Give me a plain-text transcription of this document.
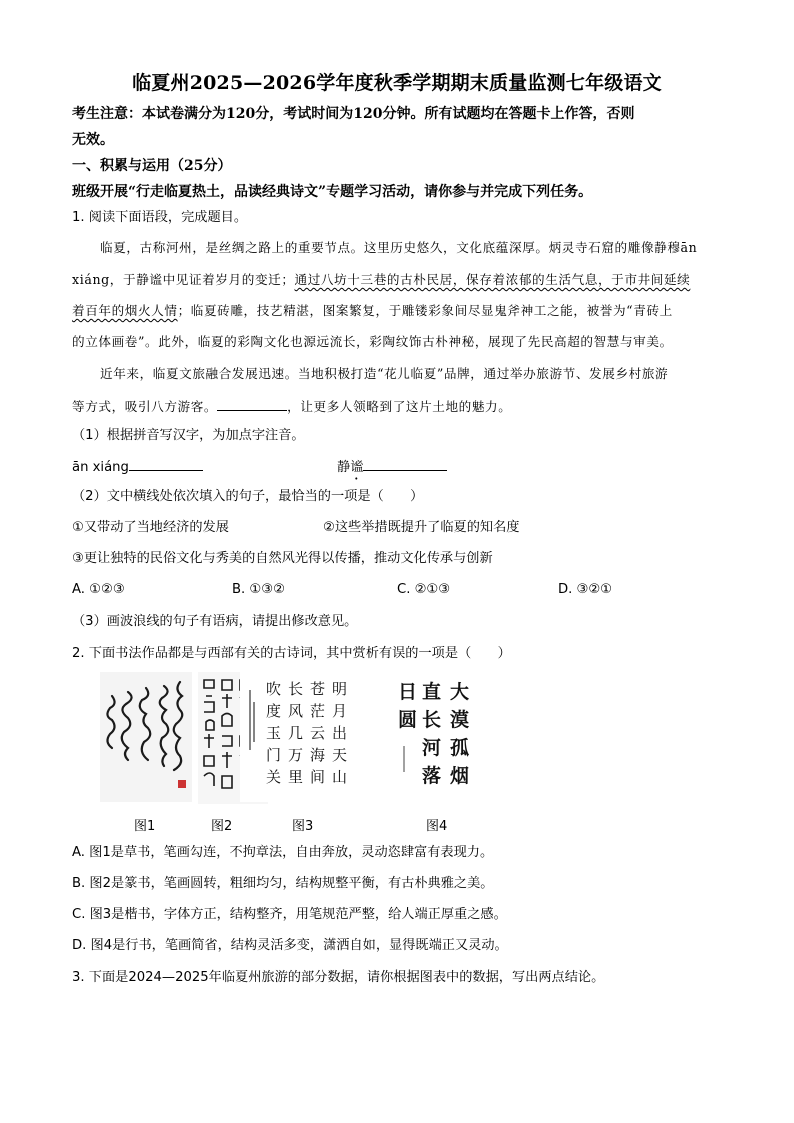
临夏州2025—2026学年度秋季学期期末质量监测七年级语文
考生注意：本试卷满分为120分，考试时间为120分钟。所有试题均在答题卡上作答，否则
无效。
一、积累与运用（25分）
班级开展“行走临夏热土，品读经典诗文”专题学习活动，请你参与并完成下列任务。
1. 阅读下面语段，完成题目。
临夏，古称河州，是丝绸之路上的重要节点。这里历史悠久，文化底蕴深厚。炳灵寺石窟的雕像静穆ān
xiáng，于静谧中见证着岁月的变迁；通过八坊十三巷的古朴民居，保存着浓郁的生活气息，于市井间延续
着百年的烟火人情；临夏砖雕，技艺精湛，图案繁复，于雕镂彩象间尽显鬼斧神工之能，被誉为“青砖上
的立体画卷”。此外，临夏的彩陶文化也源远流长，彩陶纹饰古朴神秘，展现了先民高超的智慧与审美。
近年来，临夏文旅融合发展迅速。当地积极打造“花儿临夏”品牌，通过举办旅游节、发展乡村旅游
等方式，吸引八方游客。	，让更多人领略到了这片土地的魅力。
（1）根据拼音写汉字，为加点字注音。
ān xiáng	静谧
（2）文中横线处依次填入的句子，最恰当的一项是（　　）
①又带动了当地经济的发展	②这些举措既提升了临夏的知名度
③更让独特的民俗文化与秀美的自然风光得以传播，推动文化传承与创新
A. ①②③	B. ①③②	C. ②①③	D. ③②①
（3）画波浪线的句子有语病，请提出修改意见。
2. 下面书法作品都是与西部有关的古诗词，其中赏析有误的一项是（　　）
明
月
出
天
山
苍
茫
云
海
间
长
风
几
万
里
吹
度
玉
门
关
大
漠
孤
烟
直
长
河
落
日
圆
图1	图2	图3	图4
A. 图1是草书，笔画勾连，不拘章法，自由奔放，灵动恣肆富有表现力。
B. 图2是篆书，笔画圆转，粗细均匀，结构规整平衡，有古朴典雅之美。
C. 图3是楷书，字体方正，结构整齐，用笔规范严整，给人端正厚重之感。
D. 图4是行书，笔画简省，结构灵活多变，潇洒自如，显得既端正又灵动。
3. 下面是2024—2025年临夏州旅游的部分数据，请你根据图表中的数据，写出两点结论。
